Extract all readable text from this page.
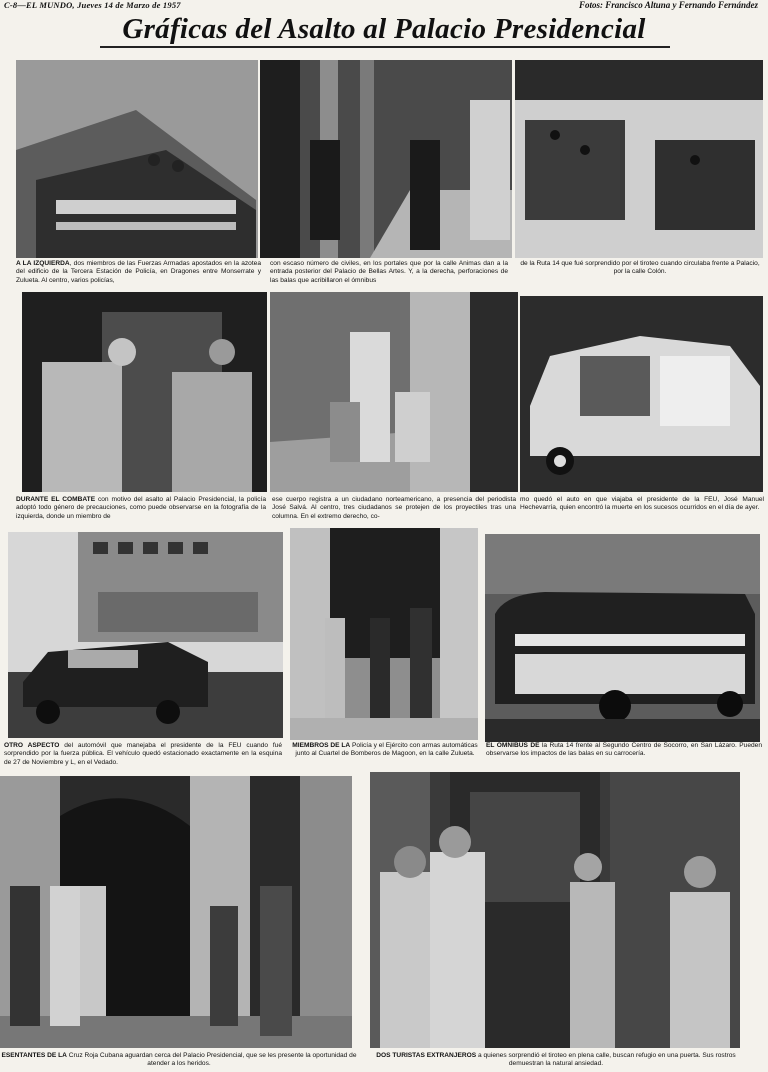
C-8—EL MUNDO, Jueves 14 de Marzo de 1957	Fotos: Francisco Altuna y Fernando Fernández
Gráficas del Asalto al Palacio Presidencial
A LA IZQUIERDA, dos miembros de las Fuerzas Armadas apostados en la azotea del edificio de la Tercera Estación de Policía, en Dragones entre Monserrate y Zulueta. Al centro, varios policías,
con escaso número de civiles, en los portales que por la calle Animas dan a la entrada posterior del Palacio de Bellas Artes. Y, a la derecha, perforaciones de las balas que acribillaron el ómnibus
de la Ruta 14 que fué sorprendido por el tiroteo cuando circulaba frente a Palacio, por la calle Colón.
DURANTE EL COMBATE con motivo del asalto al Palacio Presidencial, la policía adoptó todo género de precauciones, como puede observarse en la fotografía de la izquierda, donde un miembro de
ese cuerpo registra a un ciudadano norteamericano, a presencia del periodista José Salvá. Al centro, tres ciudadanos se protejen de los proyectiles tras una columna. En el extremo derecho, co-
mo quedó el auto en que viajaba el presidente de la FEU, José Manuel Hechevarría, quien encontró la muerte en los sucesos ocurridos en el día de ayer.
OTRO ASPECTO del automóvil que manejaba el presidente de la FEU cuando fué sorprendido por la fuerza pública. El vehículo quedó estacionado exactamente en la esquina de 27 de Noviembre y L, en el Vedado.
MIEMBROS DE LA Policía y el Ejército con armas automáticas junto al Cuartel de Bomberos de Magoon, en la calle Zulueta.
EL OMNIBUS DE la Ruta 14 frente al Segundo Centro de Socorro, en San Lázaro. Pueden observarse los impactos de las balas en su carrocería.
ESENTANTES DE LA Cruz Roja Cubana aguardan cerca del Palacio Presidencial, que se les presente la oportunidad de atender a los heridos.
DOS TURISTAS EXTRANJEROS a quienes sorprendió el tiroteo en plena calle, buscan refugio en una puerta. Sus rostros demuestran la natural ansiedad.
